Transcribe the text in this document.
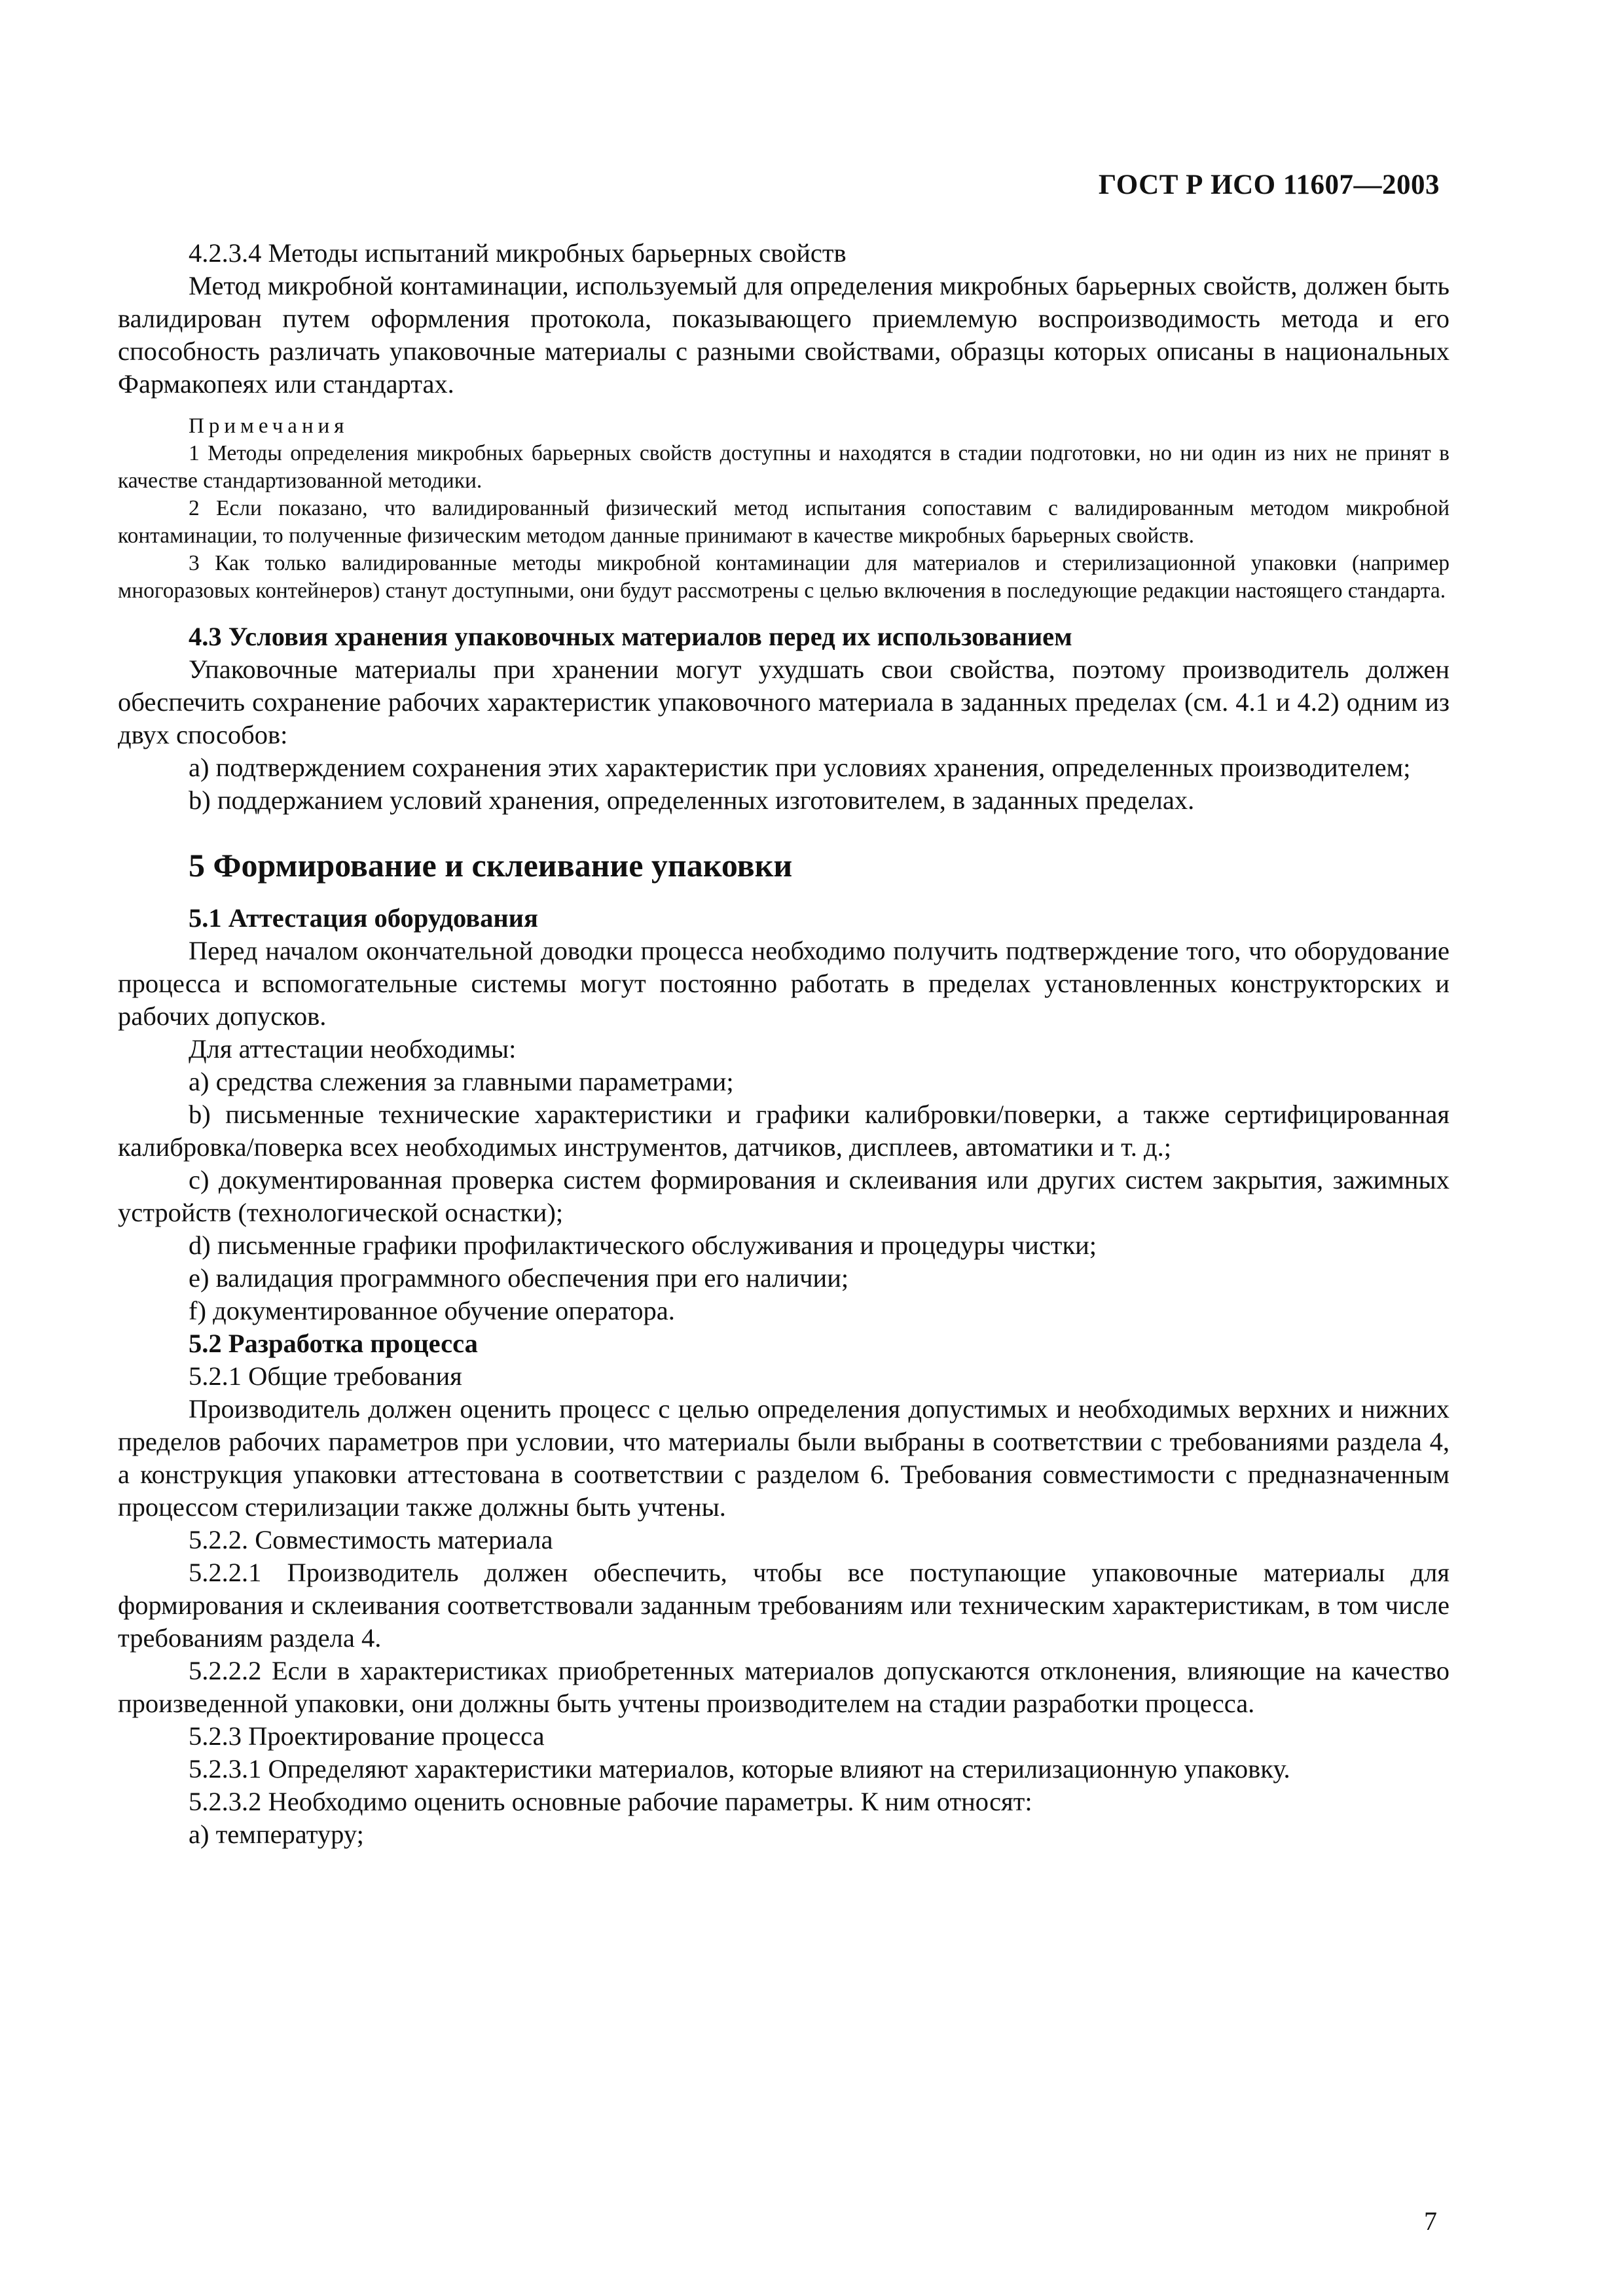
ГОСТ Р ИСО 11607—2003

4.2.3.4 Методы испытаний микробных барьерных свойств

Метод микробной контаминации, используемый для определения микробных барьерных свойств, должен быть валидирован путем оформления протокола, показывающего приемлемую воспроизводимость метода и его способность различать упаковочные материалы с разными свойствами, образцы которых описаны в национальных Фармакопеях или стандартах.

Примечания

1 Методы определения микробных барьерных свойств доступны и находятся в стадии подготовки, но ни один из них не принят в качестве стандартизованной методики.

2 Если показано, что валидированный физический метод испытания сопоставим с валидированным методом микробной контаминации, то полученные физическим методом данные принимают в качестве микробных барьерных свойств.

3 Как только валидированные методы микробной контаминации для материалов и стерилизационной упаковки (например многоразовых контейнеров) станут доступными, они будут рассмотрены с целью включения в последующие редакции настоящего стандарта.

4.3 Условия хранения упаковочных материалов перед их использованием

Упаковочные материалы при хранении могут ухудшать свои свойства, поэтому производитель должен обеспечить сохранение рабочих характеристик упаковочного материала в заданных пределах (см. 4.1 и 4.2) одним из двух способов:

a) подтверждением сохранения этих характеристик при условиях хранения, определенных производителем;

b) поддержанием условий хранения, определенных изготовителем, в заданных пределах.

5 Формирование и склеивание упаковки

5.1 Аттестация оборудования

Перед началом окончательной доводки процесса необходимо получить подтверждение того, что оборудование процесса и вспомогательные системы могут постоянно работать в пределах установленных конструкторских и рабочих допусков.

Для аттестации необходимы:

a) средства слежения за главными параметрами;

b) письменные технические характеристики и графики калибровки/поверки, а также сертифицированная калибровка/поверка всех необходимых инструментов, датчиков, дисплеев, автоматики и т. д.;

c) документированная проверка систем формирования и склеивания или других систем закрытия, зажимных устройств (технологической оснастки);

d) письменные графики профилактического обслуживания и процедуры чистки;

e) валидация программного обеспечения при его наличии;

f) документированное обучение оператора.

5.2 Разработка процесса

5.2.1 Общие требования

Производитель должен оценить процесс с целью определения допустимых и необходимых верхних и нижних пределов рабочих параметров при условии, что материалы были выбраны в соответствии с требованиями раздела 4, а конструкция упаковки аттестована в соответствии с разделом 6. Требования совместимости с предназначенным процессом стерилизации также должны быть учтены.

5.2.2. Совместимость материала

5.2.2.1 Производитель должен обеспечить, чтобы все поступающие упаковочные материалы для формирования и склеивания соответствовали заданным требованиям или техническим характеристикам, в том числе требованиям раздела 4.

5.2.2.2 Если в характеристиках приобретенных материалов допускаются отклонения, влияющие на качество произведенной упаковки, они должны быть учтены производителем на стадии разработки процесса.

5.2.3 Проектирование процесса

5.2.3.1 Определяют характеристики материалов, которые влияют на стерилизационную упаковку.

5.2.3.2 Необходимо оценить основные рабочие параметры. К ним относят:

a) температуру;

7
